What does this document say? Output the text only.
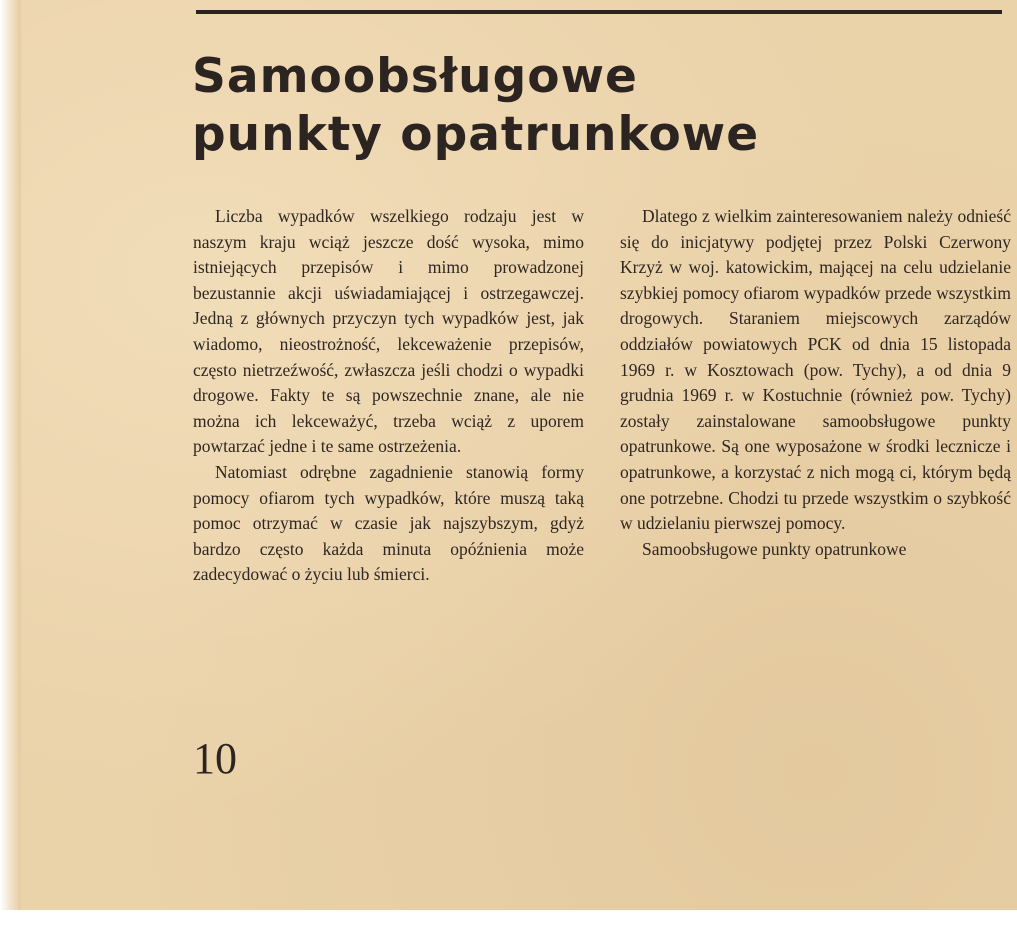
Samoobsługowe
punkty opatrunkowe

Liczba wypadków wszelkiego rodzaju jest w naszym kraju wciąż jeszcze dość wysoka, mimo istniejących przepisów i mimo prowadzonej bezustannie akcji uświadamiającej i ostrzegawczej. Jedną z głównych przyczyn tych wypadków jest, jak wiadomo, nieostrożność, lekceważenie przepisów, często nietrzeźwość, zwłaszcza jeśli chodzi o wypadki drogowe. Fakty te są powszechnie znane, ale nie można ich lekceważyć, trzeba wciąż z uporem powtarzać jedne i te same ostrzeżenia.

Natomiast odrębne zagadnienie stanowią formy pomocy ofiarom tych wypadków, które muszą taką pomoc otrzymać w czasie jak najszybszym, gdyż bardzo często każda minuta opóźnienia może zadecydować o życiu lub śmierci.

Dlatego z wielkim zainteresowaniem należy odnieść się do inicjatywy podjętej przez Polski Czerwony Krzyż w woj. katowickim, mającej na celu udzielanie szybkiej pomocy ofiarom wypadków przede wszystkim drogowych. Staraniem miejscowych zarządów oddziałów powiatowych PCK od dnia 15 listopada 1969 r. w Kosztowach (pow. Tychy), a od dnia 9 grudnia 1969 r. w Kostuchnie (również pow. Tychy) zostały zainstalowane samoobsługowe punkty opatrunkowe. Są one wyposażone w środki lecznicze i opatrunkowe, a korzystać z nich mogą ci, którym będą one potrzebne. Chodzi tu przede wszystkim o szybkość w udzielaniu pierwszej pomocy.

Samoobsługowe punkty opatrunkowe

10
